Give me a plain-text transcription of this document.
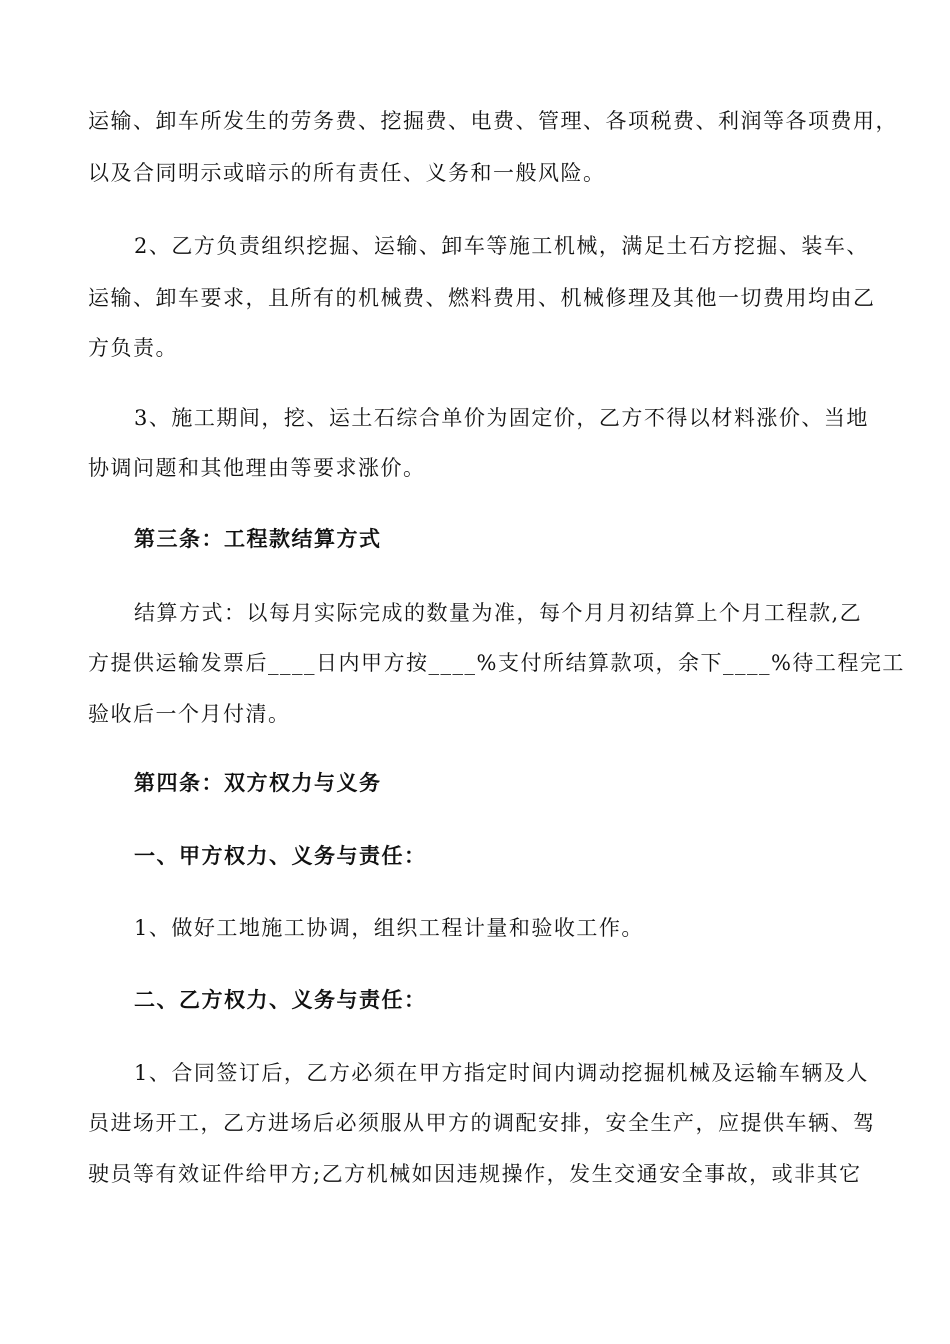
运输、卸车所发生的劳务费、挖掘费、电费、管理、各项税费、利润等各项费用，
以及合同明示或暗示的所有责任、义务和一般风险。
2、乙方负责组织挖掘、运输、卸车等施工机械，满足土石方挖掘、装车、
运输、卸车要求，且所有的机械费、燃料费用、机械修理及其他一切费用均由乙
方负责。
3、施工期间，挖、运土石综合单价为固定价，乙方不得以材料涨价、当地
协调问题和其他理由等要求涨价。
第三条：工程款结算方式
结算方式：以每月实际完成的数量为准，每个月月初结算上个月工程款,乙
方提供运输发票后____日内甲方按____%支付所结算款项，余下____%待工程完工
验收后一个月付清。
第四条：双方权力与义务
一、甲方权力、义务与责任：
1、做好工地施工协调，组织工程计量和验收工作。
二、乙方权力、义务与责任：
1、合同签订后，乙方必须在甲方指定时间内调动挖掘机械及运输车辆及人
员进场开工，乙方进场后必须服从甲方的调配安排，安全生产，应提供车辆、驾
驶员等有效证件给甲方;乙方机械如因违规操作，发生交通安全事故，或非其它
